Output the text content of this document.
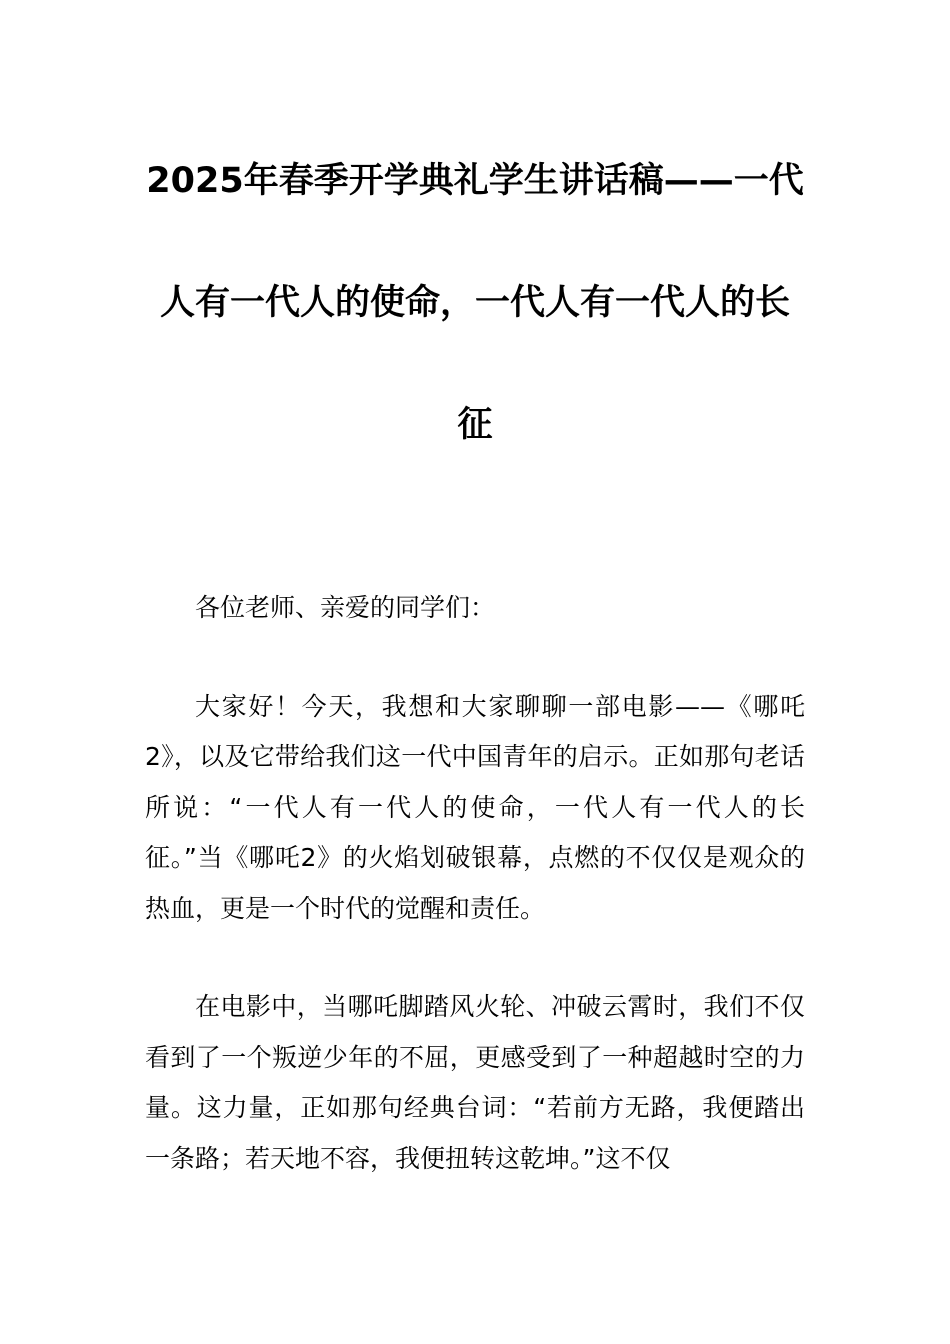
2025年春季开学典礼学生讲话稿——一代
人有一代人的使命，一代人有一代人的长
征

各位老师、亲爱的同学们：

大家好！今天，我想和大家聊聊一部电影——《哪吒2》，以及它带给我们这一代中国青年的启示。正如那句老话所说：“一代人有一代人的使命，一代人有一代人的长征。”当《哪吒2》的火焰划破银幕，点燃的不仅仅是观众的热血，更是一个时代的觉醒和责任。

在电影中，当哪吒脚踏风火轮、冲破云霄时，我们不仅看到了一个叛逆少年的不屈，更感受到了一种超越时空的力量。这力量，正如那句经典台词：“若前方无路，我便踏出一条路；若天地不容，我便扭转这乾坤。”这不仅
